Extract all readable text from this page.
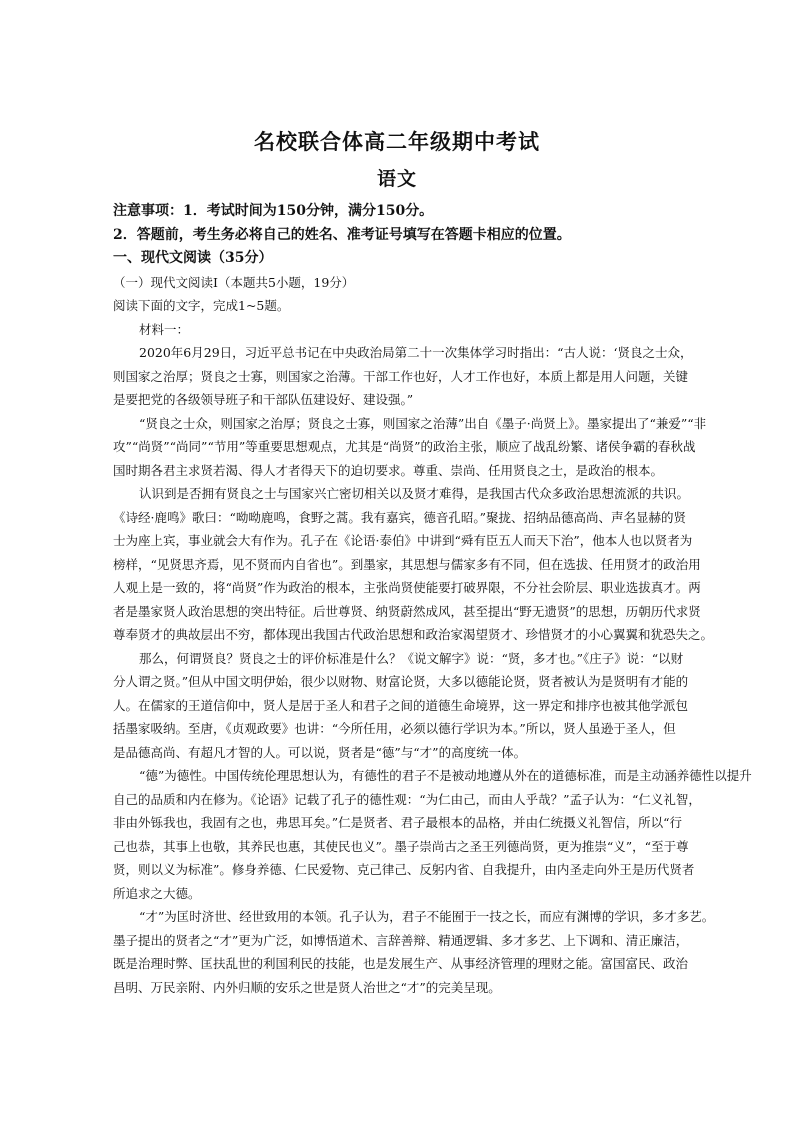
名校联合体高二年级期中考试
语文
注意事项：1．考试时间为150分钟，满分150分。
2．答题前，考生务必将自己的姓名、准考证号填写在答题卡相应的位置。
一、现代文阅读（35分）
（一）现代文阅读Ⅰ（本题共5小题，19分）
阅读下面的文字，完成1~5题。
材料一：
2020年6月29日，习近平总书记在中央政治局第二十一次集体学习时指出：“古人说：‘贤良之士众，
则国家之治厚；贤良之士寡，则国家之治薄。干部工作也好，人才工作也好，本质上都是用人问题，关键
是要把党的各级领导班子和干部队伍建设好、建设强。”
“贤良之士众，则国家之治厚；贤良之士寡，则国家之治薄”出自《墨子·尚贤上》。墨家提出了“兼爱”“非
攻”“尚贤”“尚同”“节用”等重要思想观点，尤其是“尚贤”的政治主张，顺应了战乱纷繁、诸侯争霸的春秋战
国时期各君主求贤若渴、得人才者得天下的迫切要求。尊重、崇尚、任用贤良之士，是政治的根本。
认识到是否拥有贤良之士与国家兴亡密切相关以及贤才难得，是我国古代众多政治思想流派的共识。
《诗经·鹿鸣》歌曰：“呦呦鹿鸣，食野之蒿。我有嘉宾，德音孔昭。”聚拢、招纳品德高尚、声名显赫的贤
士为座上宾，事业就会大有作为。孔子在《论语·泰伯》中讲到“舜有臣五人而天下治”，他本人也以贤者为
榜样，“见贤思齐焉，见不贤而内自省也”。到墨家，其思想与儒家多有不同，但在选拔、任用贤才的政治用
人观上是一致的，将“尚贤”作为政治的根本，主张尚贤使能要打破界限，不分社会阶层、职业选拔真才。两
者是墨家贤人政治思想的突出特征。后世尊贤、纳贤蔚然成风，甚至提出“野无遗贤”的思想，历朝历代求贤
尊奉贤才的典故层出不穷，都体现出我国古代政治思想和政治家渴望贤才、珍惜贤才的小心翼翼和犹恐失之。
那么，何谓贤良？贤良之士的评价标准是什么？《说文解字》说：“贤，多才也。”《庄子》说：“以财
分人谓之贤。”但从中国文明伊始，很少以财物、财富论贤，大多以德能论贤，贤者被认为是贤明有才能的
人。在儒家的王道信仰中，贤人是居于圣人和君子之间的道德生命境界，这一界定和排序也被其他学派包
括墨家吸纳。至唐，《贞观政要》也讲：“今所任用，必须以德行学识为本。”所以，贤人虽逊于圣人，但
是品德高尚、有超凡才智的人。可以说，贤者是“德”与“才”的高度统一体。
“德”为德性。中国传统伦理思想认为，有德性的君子不是被动地遵从外在的道德标准，而是主动涵养德性以提升
自己的品质和内在修为。《论语》记载了孔子的德性观：“为仁由己，而由人乎哉？”孟子认为：“仁义礼智，
非由外铄我也，我固有之也，弗思耳矣。”仁是贤者、君子最根本的品格，并由仁统摄义礼智信，所以“行
己也恭，其事上也敬，其养民也惠，其使民也义”。墨子崇尚古之圣王列德尚贤，更为推崇“义”，“至于尊
贤，则以义为标准”。修身养德、仁民爱物、克己律己、反躬内省、自我提升，由内圣走向外王是历代贤者
所追求之大德。
“才”为匡时济世、经世致用的本领。孔子认为，君子不能囿于一技之长，而应有渊博的学识，多才多艺。
墨子提出的贤者之“才”更为广泛，如博悟道术、言辞善辩、精通逻辑、多才多艺、上下调和、清正廉洁，
既是治理时弊、匡扶乱世的利国利民的技能，也是发展生产、从事经济管理的理财之能。富国富民、政治
昌明、万民亲附、内外归顺的安乐之世是贤人治世之“才”的完美呈现。
